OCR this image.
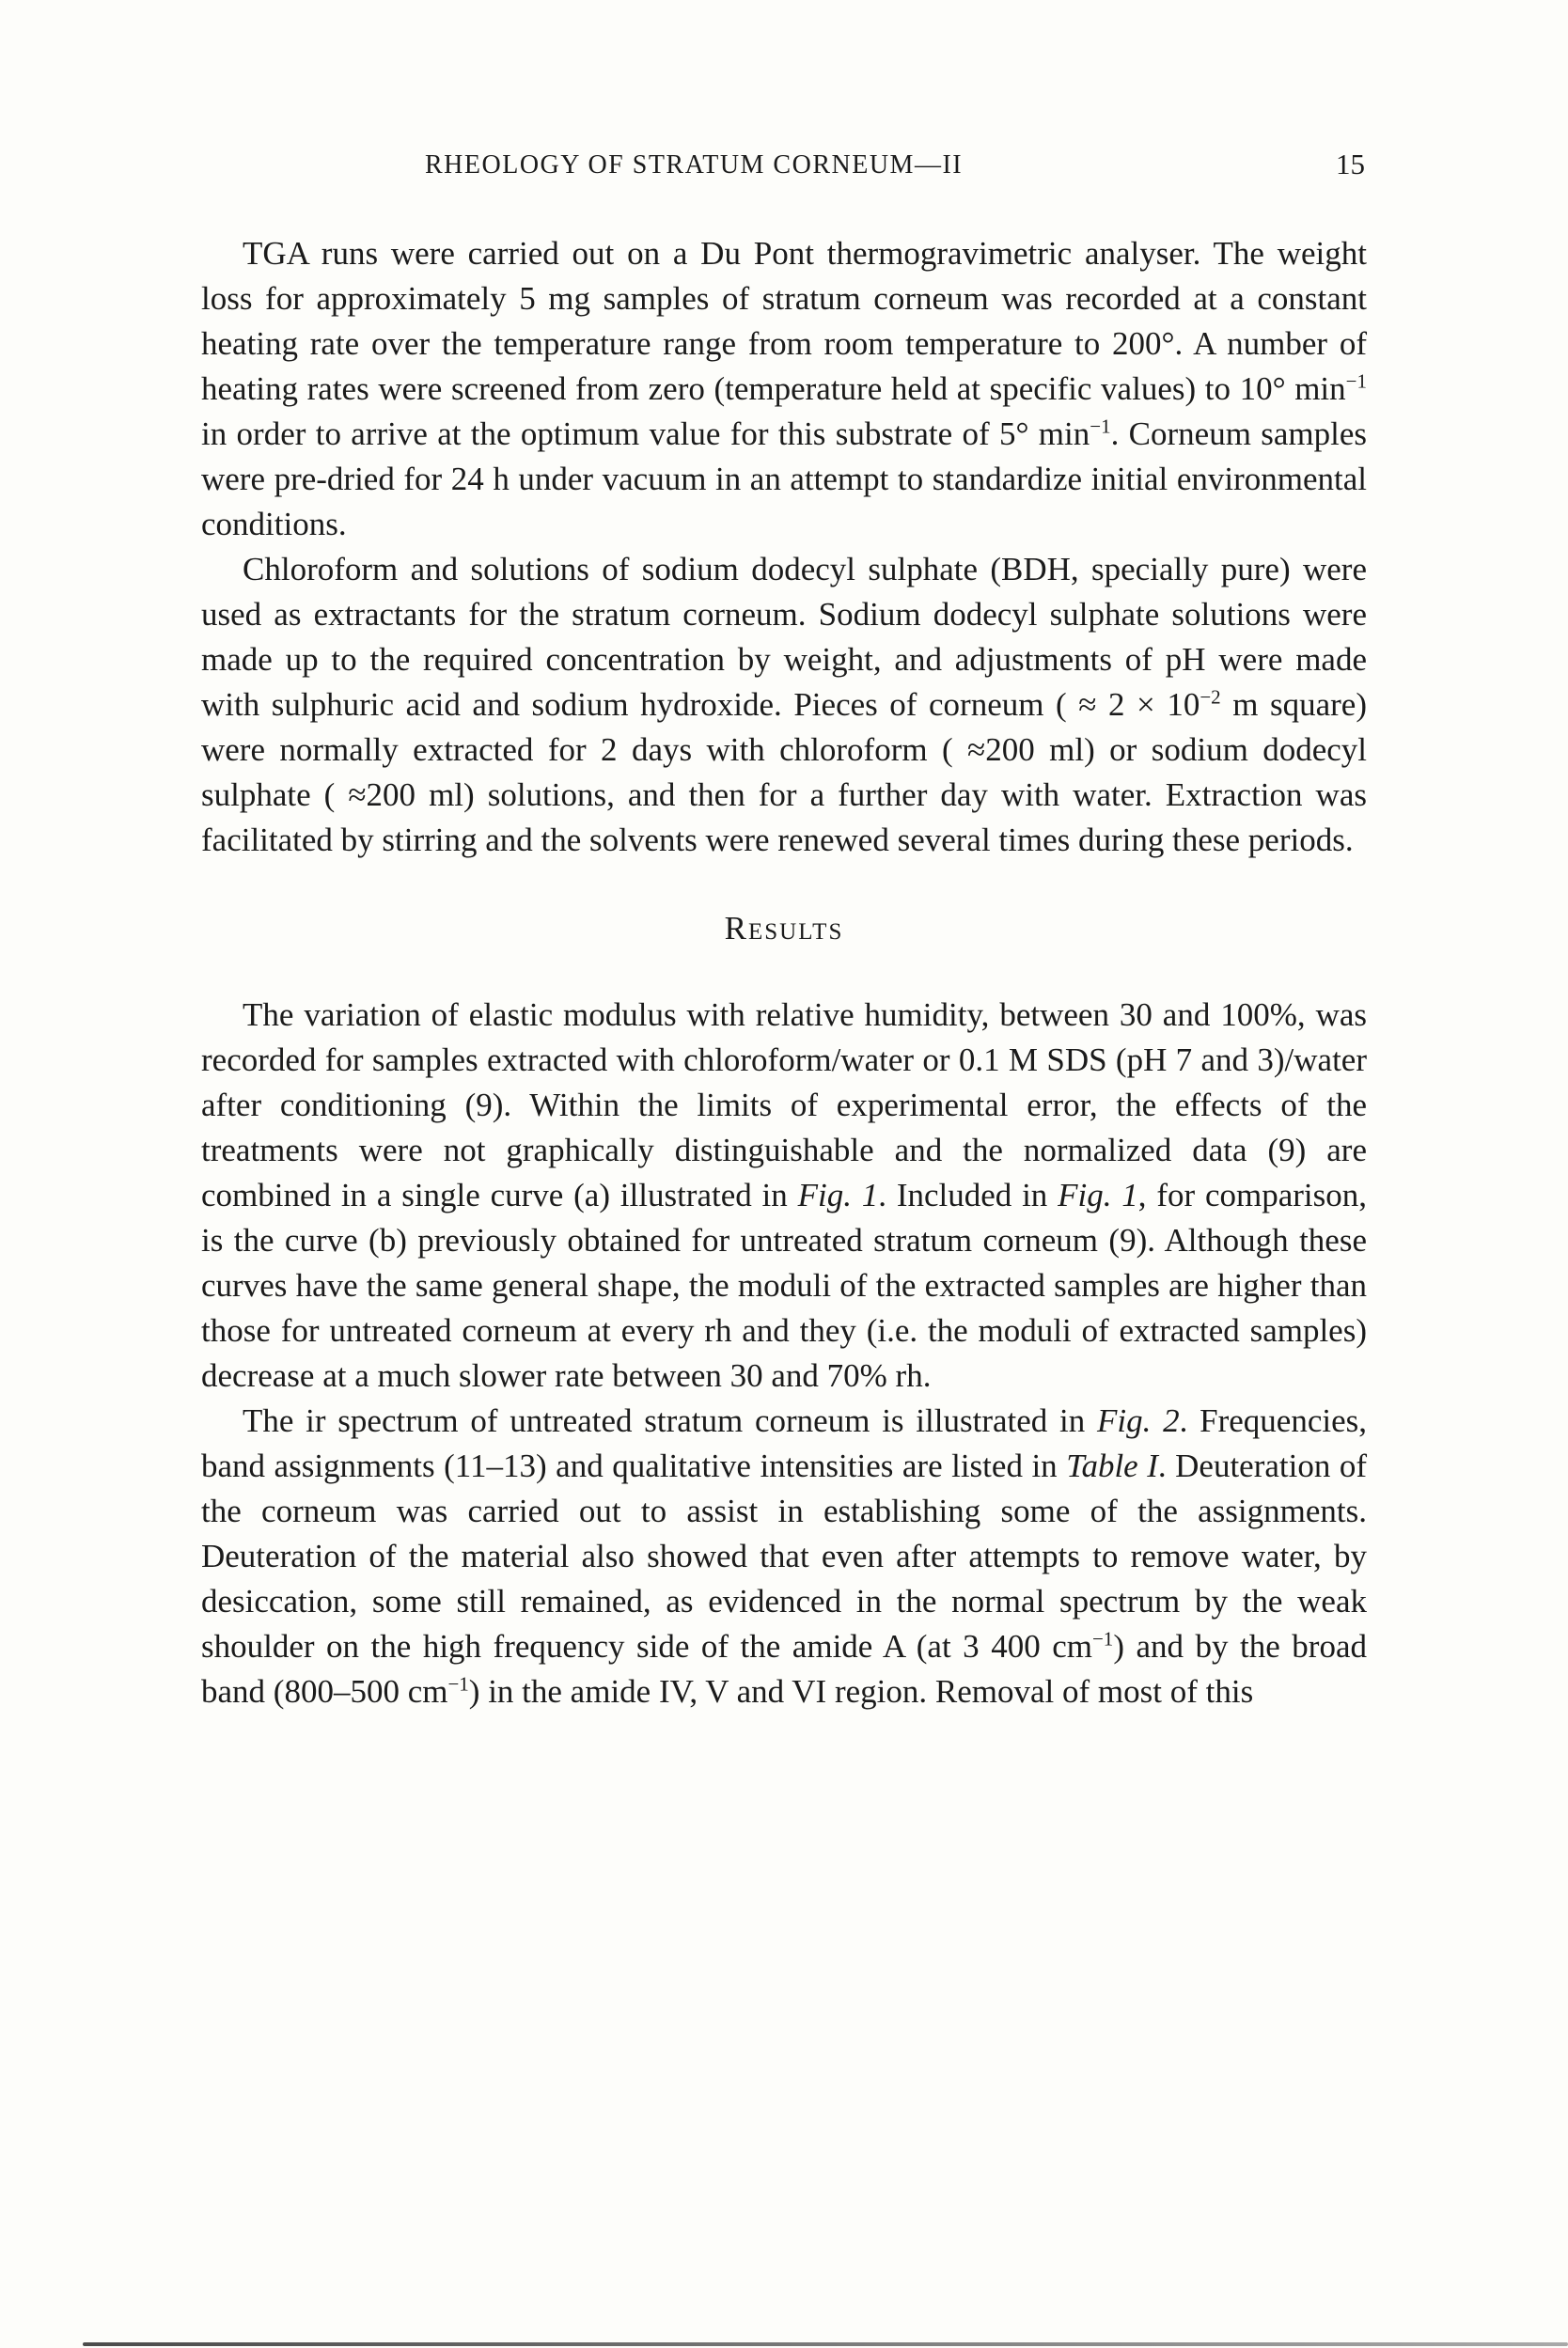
RHEOLOGY OF STRATUM CORNEUM—II	15

TGA runs were carried out on a Du Pont thermogravimetric analyser. The weight loss for approximately 5 mg samples of stratum corneum was recorded at a constant heating rate over the temperature range from room temperature to 200°. A number of heating rates were screened from zero (temperature held at specific values) to 10° $\min^{-1}$ in order to arrive at the optimum value for this substrate of 5° $\min^{-1}$. Corneum samples were pre-dried for 24 h under vacuum in an attempt to standardize initial environmental conditions.

Chloroform and solutions of sodium dodecyl sulphate (BDH, specially pure) were used as extractants for the stratum corneum. Sodium dodecyl sulphate solutions were made up to the required concentration by weight, and adjustments of pH were made with sulphuric acid and sodium hydroxide. Pieces of corneum ( ≈ $2 \times 10^{-2}$ m square) were normally extracted for 2 days with chloroform ( ≈200 ml) or sodium dodecyl sulphate ( ≈200 ml) solutions, and then for a further day with water. Extraction was facilitated by stirring and the solvents were renewed several times during these periods.

Results

The variation of elastic modulus with relative humidity, between 30 and 100%, was recorded for samples extracted with chloroform/water or 0.1 M SDS (pH 7 and 3)/water after conditioning (9). Within the limits of experimental error, the effects of the treatments were not graphically distinguishable and the normalized data (9) are combined in a single curve (a) illustrated in Fig. 1. Included in Fig. 1, for comparison, is the curve (b) previously obtained for untreated stratum corneum (9). Although these curves have the same general shape, the moduli of the extracted samples are higher than those for untreated corneum at every rh and they (i.e. the moduli of extracted samples) decrease at a much slower rate between 30 and 70% rh.

The ir spectrum of untreated stratum corneum is illustrated in Fig. 2. Frequencies, band assignments (11–13) and qualitative intensities are listed in Table I. Deuteration of the corneum was carried out to assist in establishing some of the assignments. Deuteration of the material also showed that even after attempts to remove water, by desiccation, some still remained, as evidenced in the normal spectrum by the weak shoulder on the high frequency side of the amide A (at 3 400 $cm^{-1}$) and by the broad band (800–500 $cm^{-1}$) in the amide IV, V and VI region. Removal of most of this
